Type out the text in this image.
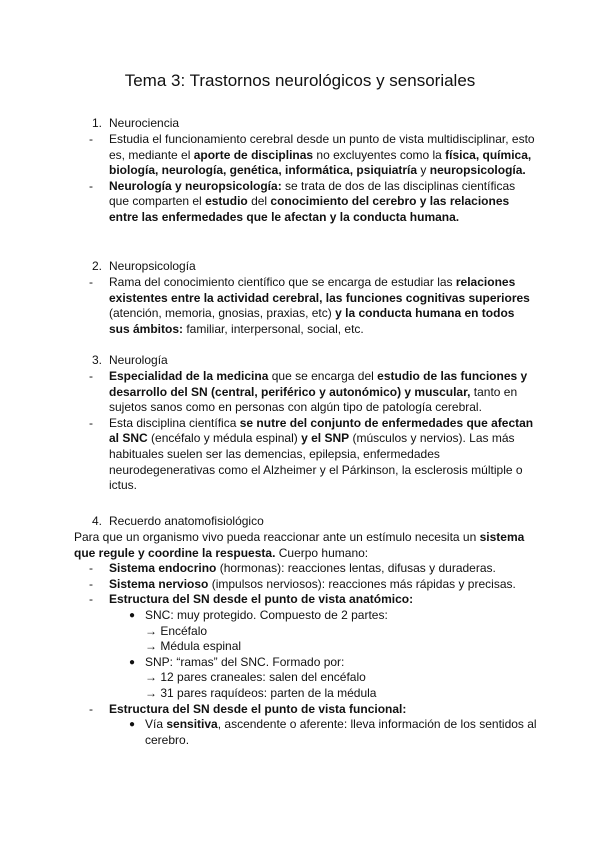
Tema 3: Trastornos neurológicos y sensoriales
1. Neurociencia
- Estudia el funcionamiento cerebral desde un punto de vista multidisciplinar, esto es, mediante el aporte de disciplinas no excluyentes como la física, química, biología, neurología, genética, informática, psiquiatría y neuropsicología.
- Neurología y neuropsicología: se trata de dos de las disciplinas científicas que comparten el estudio del conocimiento del cerebro y las relaciones entre las enfermedades que le afectan y la conducta humana.
2. Neuropsicología
- Rama del conocimiento científico que se encarga de estudiar las relaciones existentes entre la actividad cerebral, las funciones cognitivas superiores (atención, memoria, gnosias, praxias, etc) y la conducta humana en todos sus ámbitos: familiar, interpersonal, social, etc.
3. Neurología
- Especialidad de la medicina que se encarga del estudio de las funciones y desarrollo del SN (central, periférico y autonómico) y muscular, tanto en sujetos sanos como en personas con algún tipo de patología cerebral.
- Esta disciplina científica se nutre del conjunto de enfermedades que afectan al SNC (encéfalo y médula espinal) y el SNP (músculos y nervios). Las más habituales suelen ser las demencias, epilepsia, enfermedades neurodegenerativas como el Alzheimer y el Párkinson, la esclerosis múltiple o ictus.
4. Recuerdo anatomofisiológico
Para que un organismo vivo pueda reaccionar ante un estímulo necesita un sistema que regule y coordine la respuesta. Cuerpo humano:
- Sistema endocrino (hormonas): reacciones lentas, difusas y duraderas.
- Sistema nervioso (impulsos nerviosos): reacciones más rápidas y precisas.
- Estructura del SN desde el punto de vista anatómico:
● SNC: muy protegido. Compuesto de 2 partes:
→ Encéfalo
→ Médula espinal
● SNP: “ramas” del SNC. Formado por:
→ 12 pares craneales: salen del encéfalo
→ 31 pares raquídeos: parten de la médula
- Estructura del SN desde el punto de vista funcional:
● Vía sensitiva, ascendente o aferente: lleva información de los sentidos al cerebro.
